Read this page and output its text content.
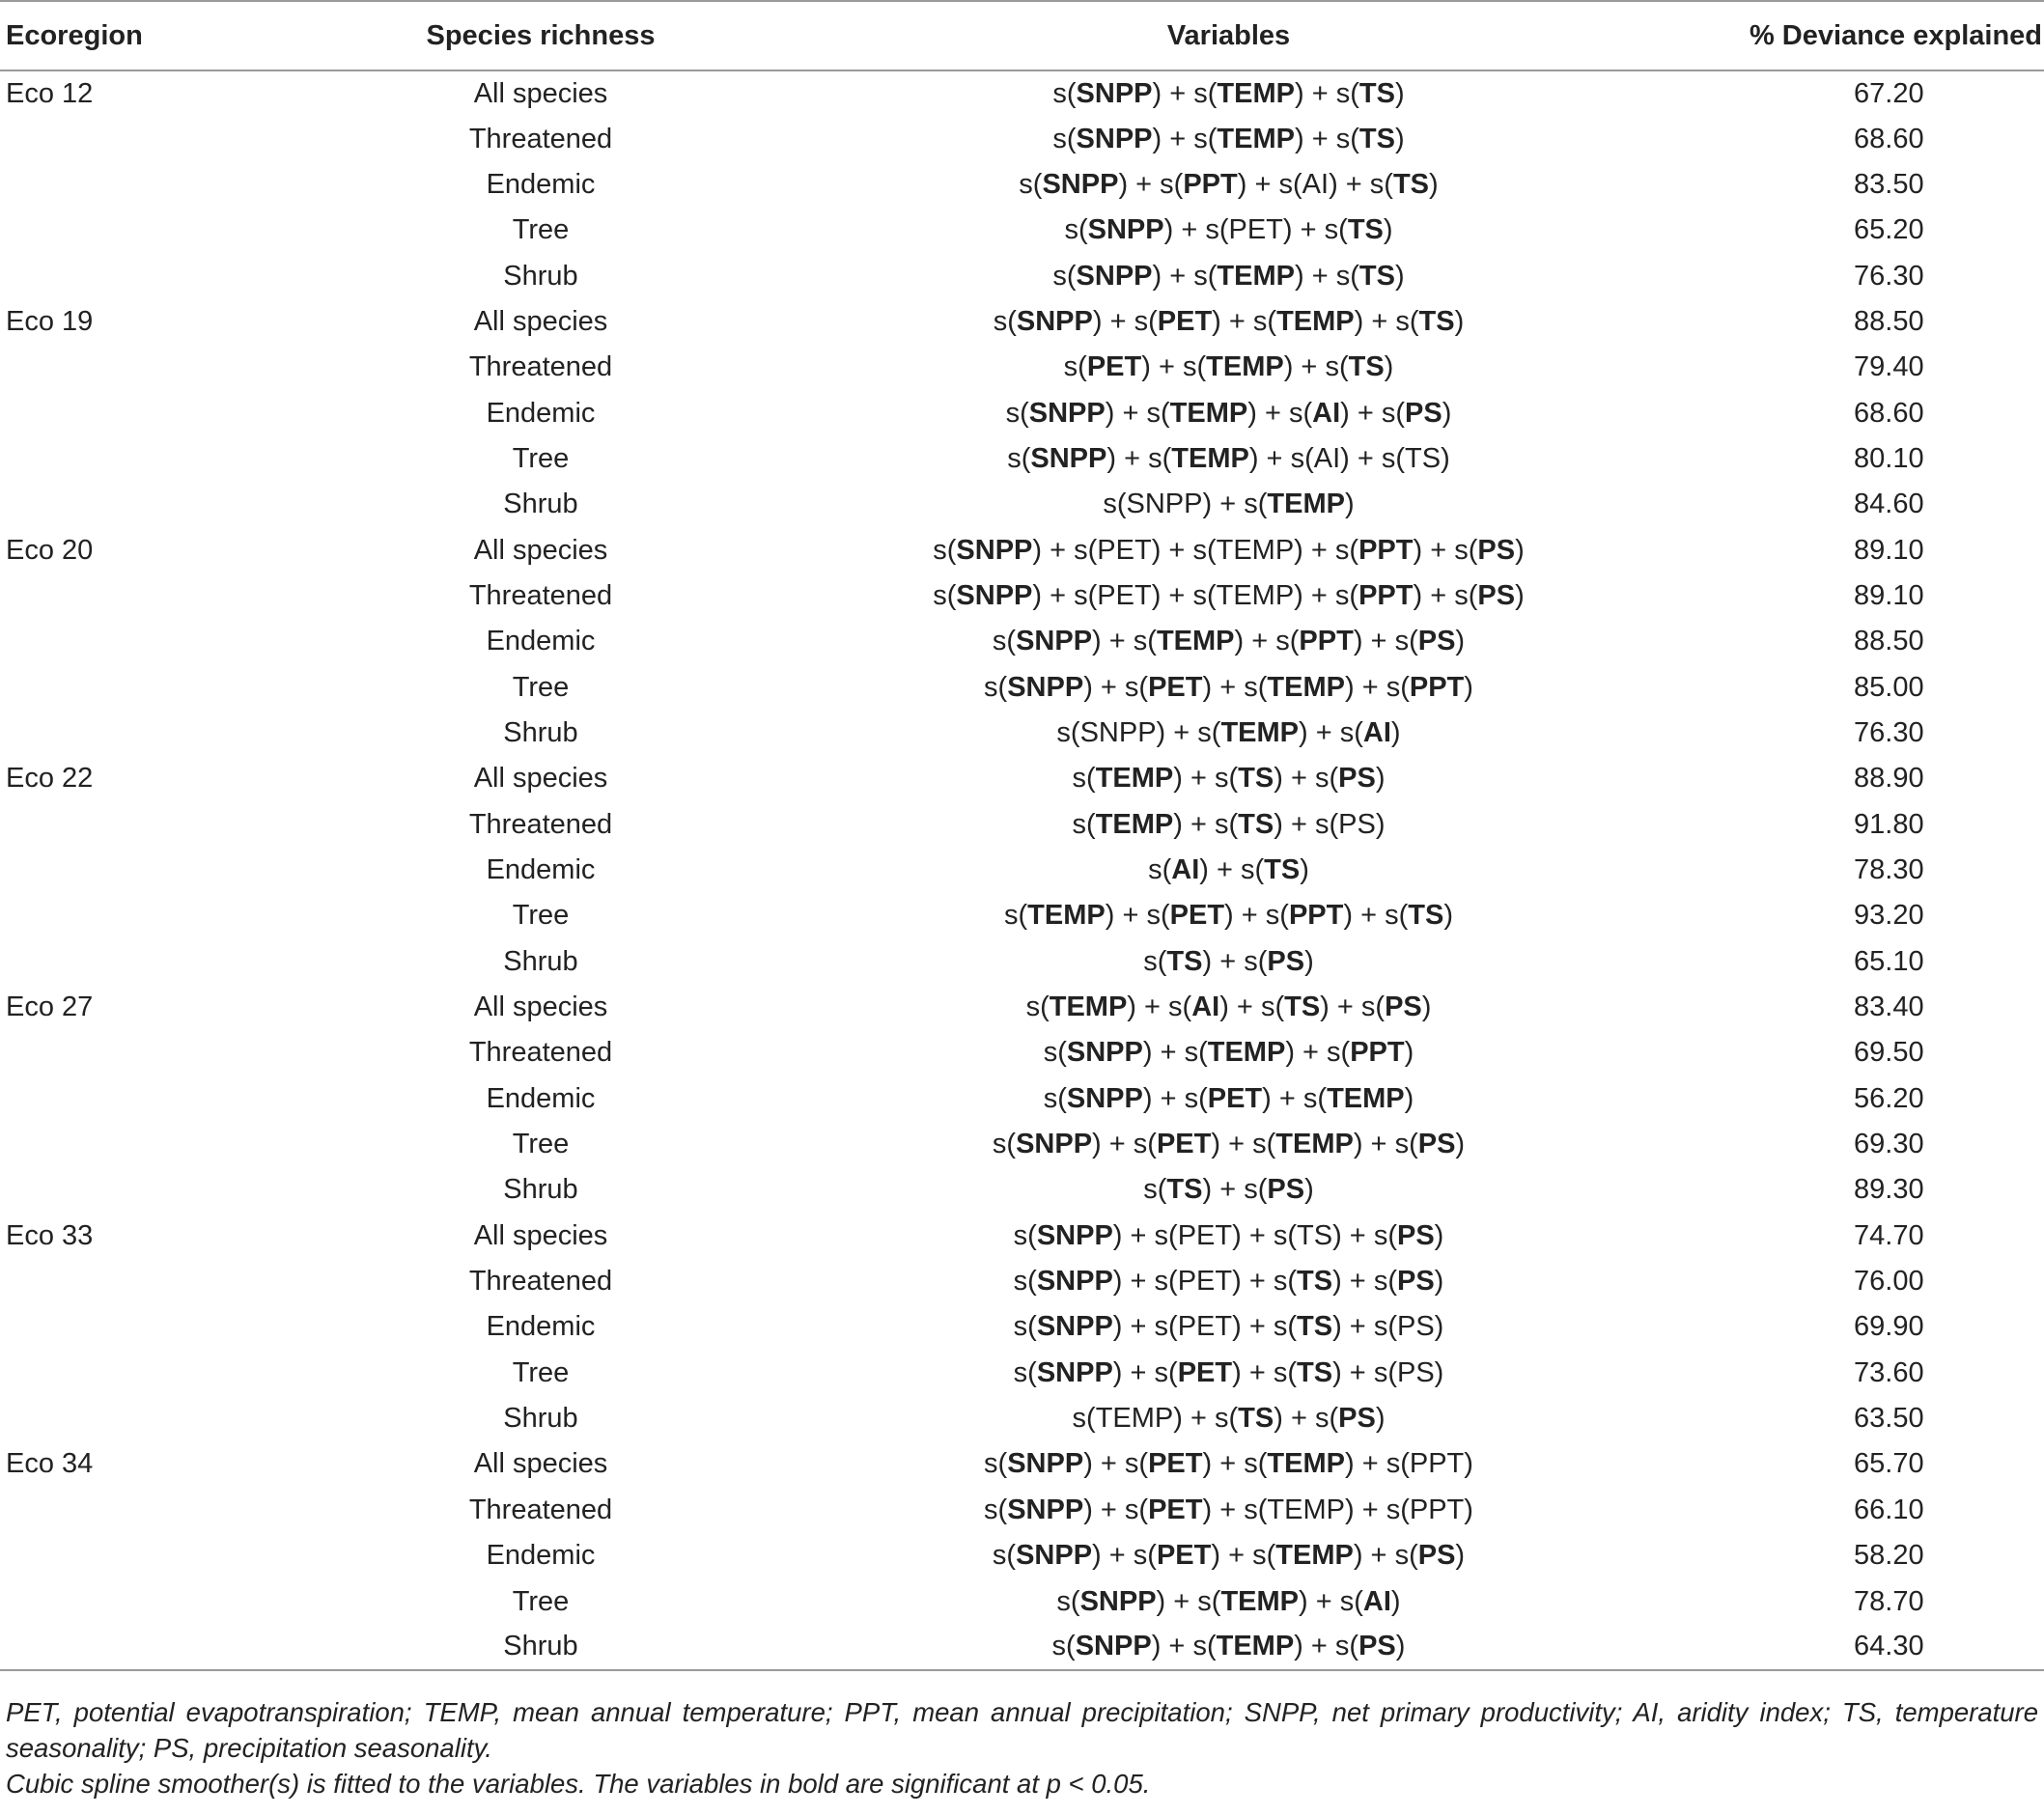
Ecoregion	Species richness	Variables	% Deviance explained
Eco 12	All species	s(SNPP) + s(TEMP) + s(TS)	67.20
	Threatened	s(SNPP) + s(TEMP) + s(TS)	68.60
	Endemic	s(SNPP) + s(PPT) + s(AI) + s(TS)	83.50
	Tree	s(SNPP) + s(PET) + s(TS)	65.20
	Shrub	s(SNPP) + s(TEMP) + s(TS)	76.30
Eco 19	All species	s(SNPP) + s(PET) + s(TEMP) + s(TS)	88.50
	Threatened	s(PET) + s(TEMP) + s(TS)	79.40
	Endemic	s(SNPP) + s(TEMP) + s(AI) + s(PS)	68.60
	Tree	s(SNPP) + s(TEMP) + s(AI) + s(TS)	80.10
	Shrub	s(SNPP) + s(TEMP)	84.60
Eco 20	All species	s(SNPP) + s(PET) + s(TEMP) + s(PPT) + s(PS)	89.10
	Threatened	s(SNPP) + s(PET) + s(TEMP) + s(PPT) + s(PS)	89.10
	Endemic	s(SNPP) + s(TEMP) + s(PPT) + s(PS)	88.50
	Tree	s(SNPP) + s(PET) + s(TEMP) + s(PPT)	85.00
	Shrub	s(SNPP) + s(TEMP) + s(AI)	76.30
Eco 22	All species	s(TEMP) + s(TS) + s(PS)	88.90
	Threatened	s(TEMP) + s(TS) + s(PS)	91.80
	Endemic	s(AI) + s(TS)	78.30
	Tree	s(TEMP) + s(PET) + s(PPT) + s(TS)	93.20
	Shrub	s(TS) + s(PS)	65.10
Eco 27	All species	s(TEMP) + s(AI) + s(TS) + s(PS)	83.40
	Threatened	s(SNPP) + s(TEMP) + s(PPT)	69.50
	Endemic	s(SNPP) + s(PET) + s(TEMP)	56.20
	Tree	s(SNPP) + s(PET) + s(TEMP) + s(PS)	69.30
	Shrub	s(TS) + s(PS)	89.30
Eco 33	All species	s(SNPP) + s(PET) + s(TS) + s(PS)	74.70
	Threatened	s(SNPP) + s(PET) + s(TS) + s(PS)	76.00
	Endemic	s(SNPP) + s(PET) + s(TS) + s(PS)	69.90
	Tree	s(SNPP) + s(PET) + s(TS) + s(PS)	73.60
	Shrub	s(TEMP) + s(TS) + s(PS)	63.50
Eco 34	All species	s(SNPP) + s(PET) + s(TEMP) + s(PPT)	65.70
	Threatened	s(SNPP) + s(PET) + s(TEMP) + s(PPT)	66.10
	Endemic	s(SNPP) + s(PET) + s(TEMP) + s(PS)	58.20
	Tree	s(SNPP) + s(TEMP) + s(AI)	78.70
	Shrub	s(SNPP) + s(TEMP) + s(PS)	64.30

PET, potential evapotranspiration; TEMP, mean annual temperature; PPT, mean annual precipitation; SNPP, net primary productivity; AI, aridity index; TS, temperature seasonality; PS, precipitation seasonality.

Cubic spline smoother(s) is fitted to the variables. The variables in bold are significant at p < 0.05.
